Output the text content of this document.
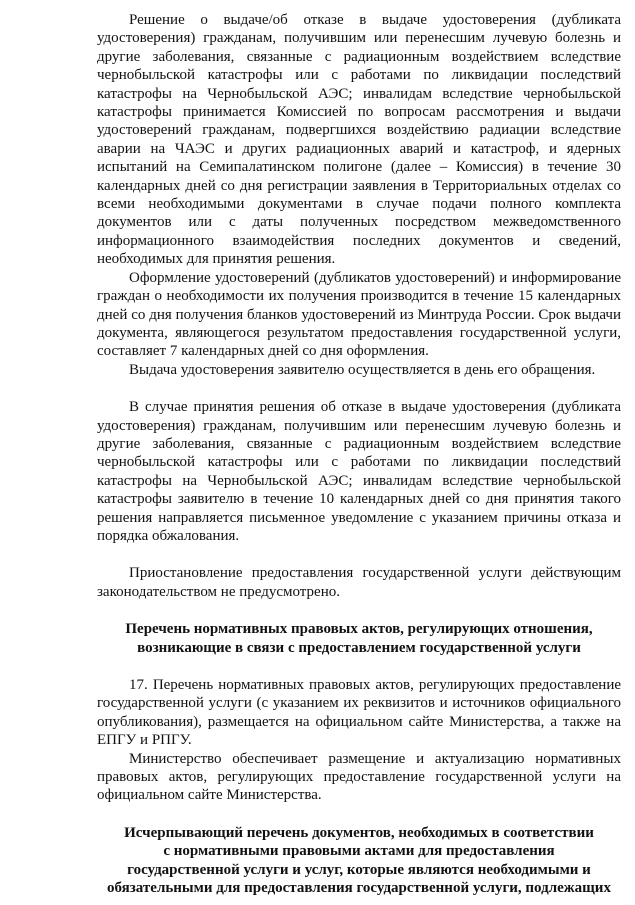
Решение о выдаче/об отказе в выдаче удостоверения (дубликата удостоверения) гражданам, получившим или перенесшим лучевую болезнь и другие заболевания, связанные с радиационным воздействием вследствие чернобыльской катастрофы или с работами по ликвидации последствий катастрофы на Чернобыльской АЭС; инвалидам вследствие чернобыльской катастрофы принимается Комиссией по вопросам рассмотрения и выдачи удостоверений гражданам, подвергшихся воздействию радиации вследствие аварии на ЧАЭС и других радиационных аварий и катастроф, и ядерных испытаний на Семипалатинском полигоне (далее – Комиссия) в течение 30 календарных дней со дня регистрации заявления в Территориальных отделах со всеми необходимыми документами в случае подачи полного комплекта документов или с даты полученных посредством межведомственного информационного взаимодействия последних документов и сведений, необходимых для принятия решения.

Оформление удостоверений (дубликатов удостоверений) и информирование граждан о необходимости их получения производится в течение 15 календарных дней со дня получения бланков удостоверений из Минтруда России. Срок выдачи документа, являющегося результатом предоставления государственной услуги, составляет 7 календарных дней со дня оформления.

Выдача удостоверения заявителю осуществляется в день его обращения.

В случае принятия решения об отказе в выдаче удостоверения (дубликата удостоверения) гражданам, получившим или перенесшим лучевую болезнь и другие заболевания, связанные с радиационным воздействием вследствие чернобыльской катастрофы или с работами по ликвидации последствий катастрофы на Чернобыльской АЭС; инвалидам вследствие чернобыльской катастрофы заявителю в течение 10 календарных дней со дня принятия такого решения направляется письменное уведомление с указанием причины отказа и порядка обжалования.

Приостановление предоставления государственной услуги действующим законодательством не предусмотрено.

Перечень нормативных правовых актов, регулирующих отношения,
возникающие в связи с предоставлением государственной услуги

17. Перечень нормативных правовых актов, регулирующих предоставление государственной услуги (с указанием их реквизитов и источников официального опубликования), размещается на официальном сайте Министерства, а также на ЕПГУ и РПГУ.

Министерство обеспечивает размещение и актуализацию нормативных правовых актов, регулирующих предоставление государственной услуги на официальном сайте Министерства.

Исчерпывающий перечень документов, необходимых в соответствии
с нормативными правовыми актами для предоставления
государственной услуги и услуг, которые являются необходимыми и
обязательными для предоставления государственной услуги, подлежащих
